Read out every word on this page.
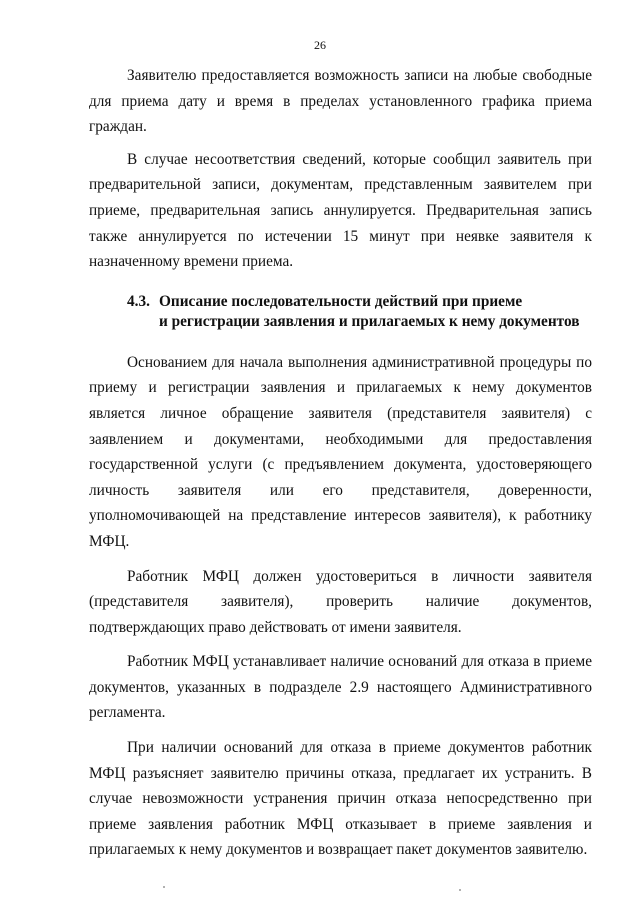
26

Заявителю предоставляется возможность записи на любые свободные для приема дату и время в пределах установленного графика приема граждан.

В случае несоответствия сведений, которые сообщил заявитель при предварительной записи, документам, представленным заявителем при приеме, предварительная запись аннулируется. Предварительная запись также аннулируется по истечении 15 минут при неявке заявителя к назначенному времени приема.

4.3. Описание последовательности действий при приеме
и регистрации заявления и прилагаемых к нему документов

Основанием для начала выполнения административной процедуры по приему и регистрации заявления и прилагаемых к нему документов является личное обращение заявителя (представителя заявителя) с заявлением и документами, необходимыми для предоставления государственной услуги (с предъявлением документа, удостоверяющего личность заявителя или его представителя, доверенности, уполномочивающей на представление интересов заявителя), к работнику МФЦ.

Работник МФЦ должен удостовериться в личности заявителя (представителя заявителя), проверить наличие документов, подтверждающих право действовать от имени заявителя.

Работник МФЦ устанавливает наличие оснований для отказа в приеме документов, указанных в подразделе 2.9 настоящего Административного регламента.

При наличии оснований для отказа в приеме документов работник МФЦ разъясняет заявителю причины отказа, предлагает их устранить. В случае невозможности устранения причин отказа непосредственно при приеме заявления работник МФЦ отказывает в приеме заявления и прилагаемых к нему документов и возвращает пакет документов заявителю.
